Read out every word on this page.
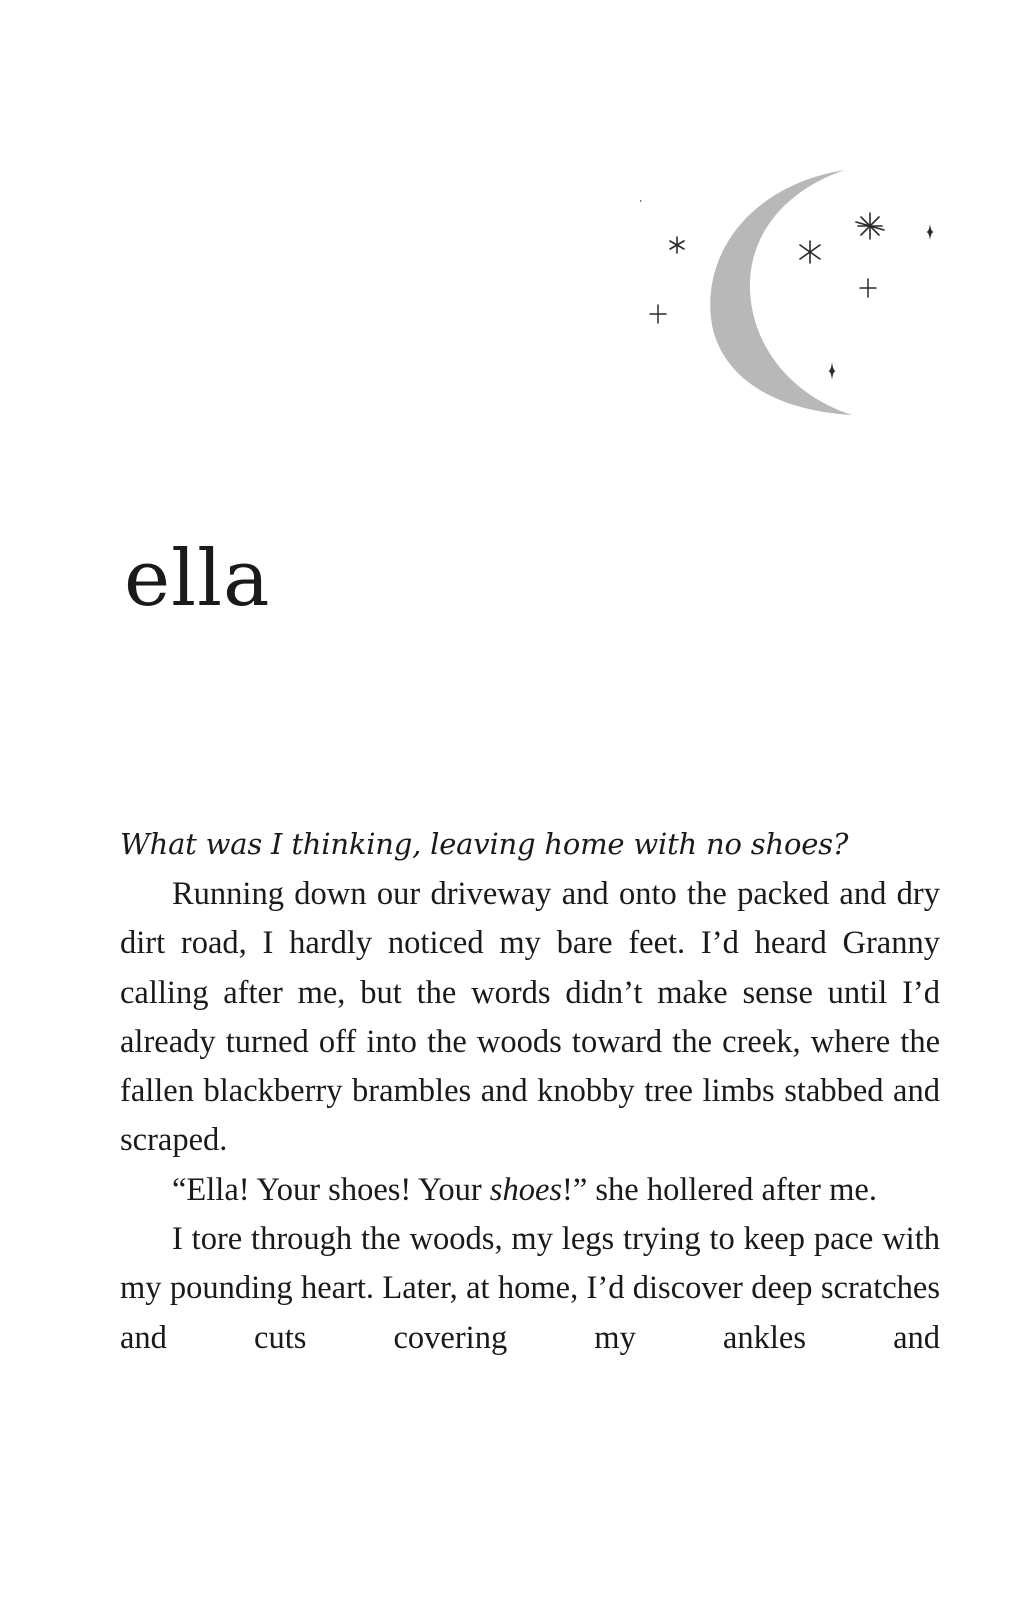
ella

What was I thinking, leaving home with no shoes?

Running down our driveway and onto the packed and dry dirt road, I hardly noticed my bare feet. I’d heard Granny calling after me, but the words didn’t make sense until I’d already turned off into the woods toward the creek, where the fallen blackberry brambles and knobby tree limbs stabbed and scraped.

“Ella! Your shoes! Your shoes!” she hollered after me.

I tore through the woods, my legs trying to keep pace with my pounding heart. Later, at home, I’d discover deep scratches and cuts covering my ankles and
